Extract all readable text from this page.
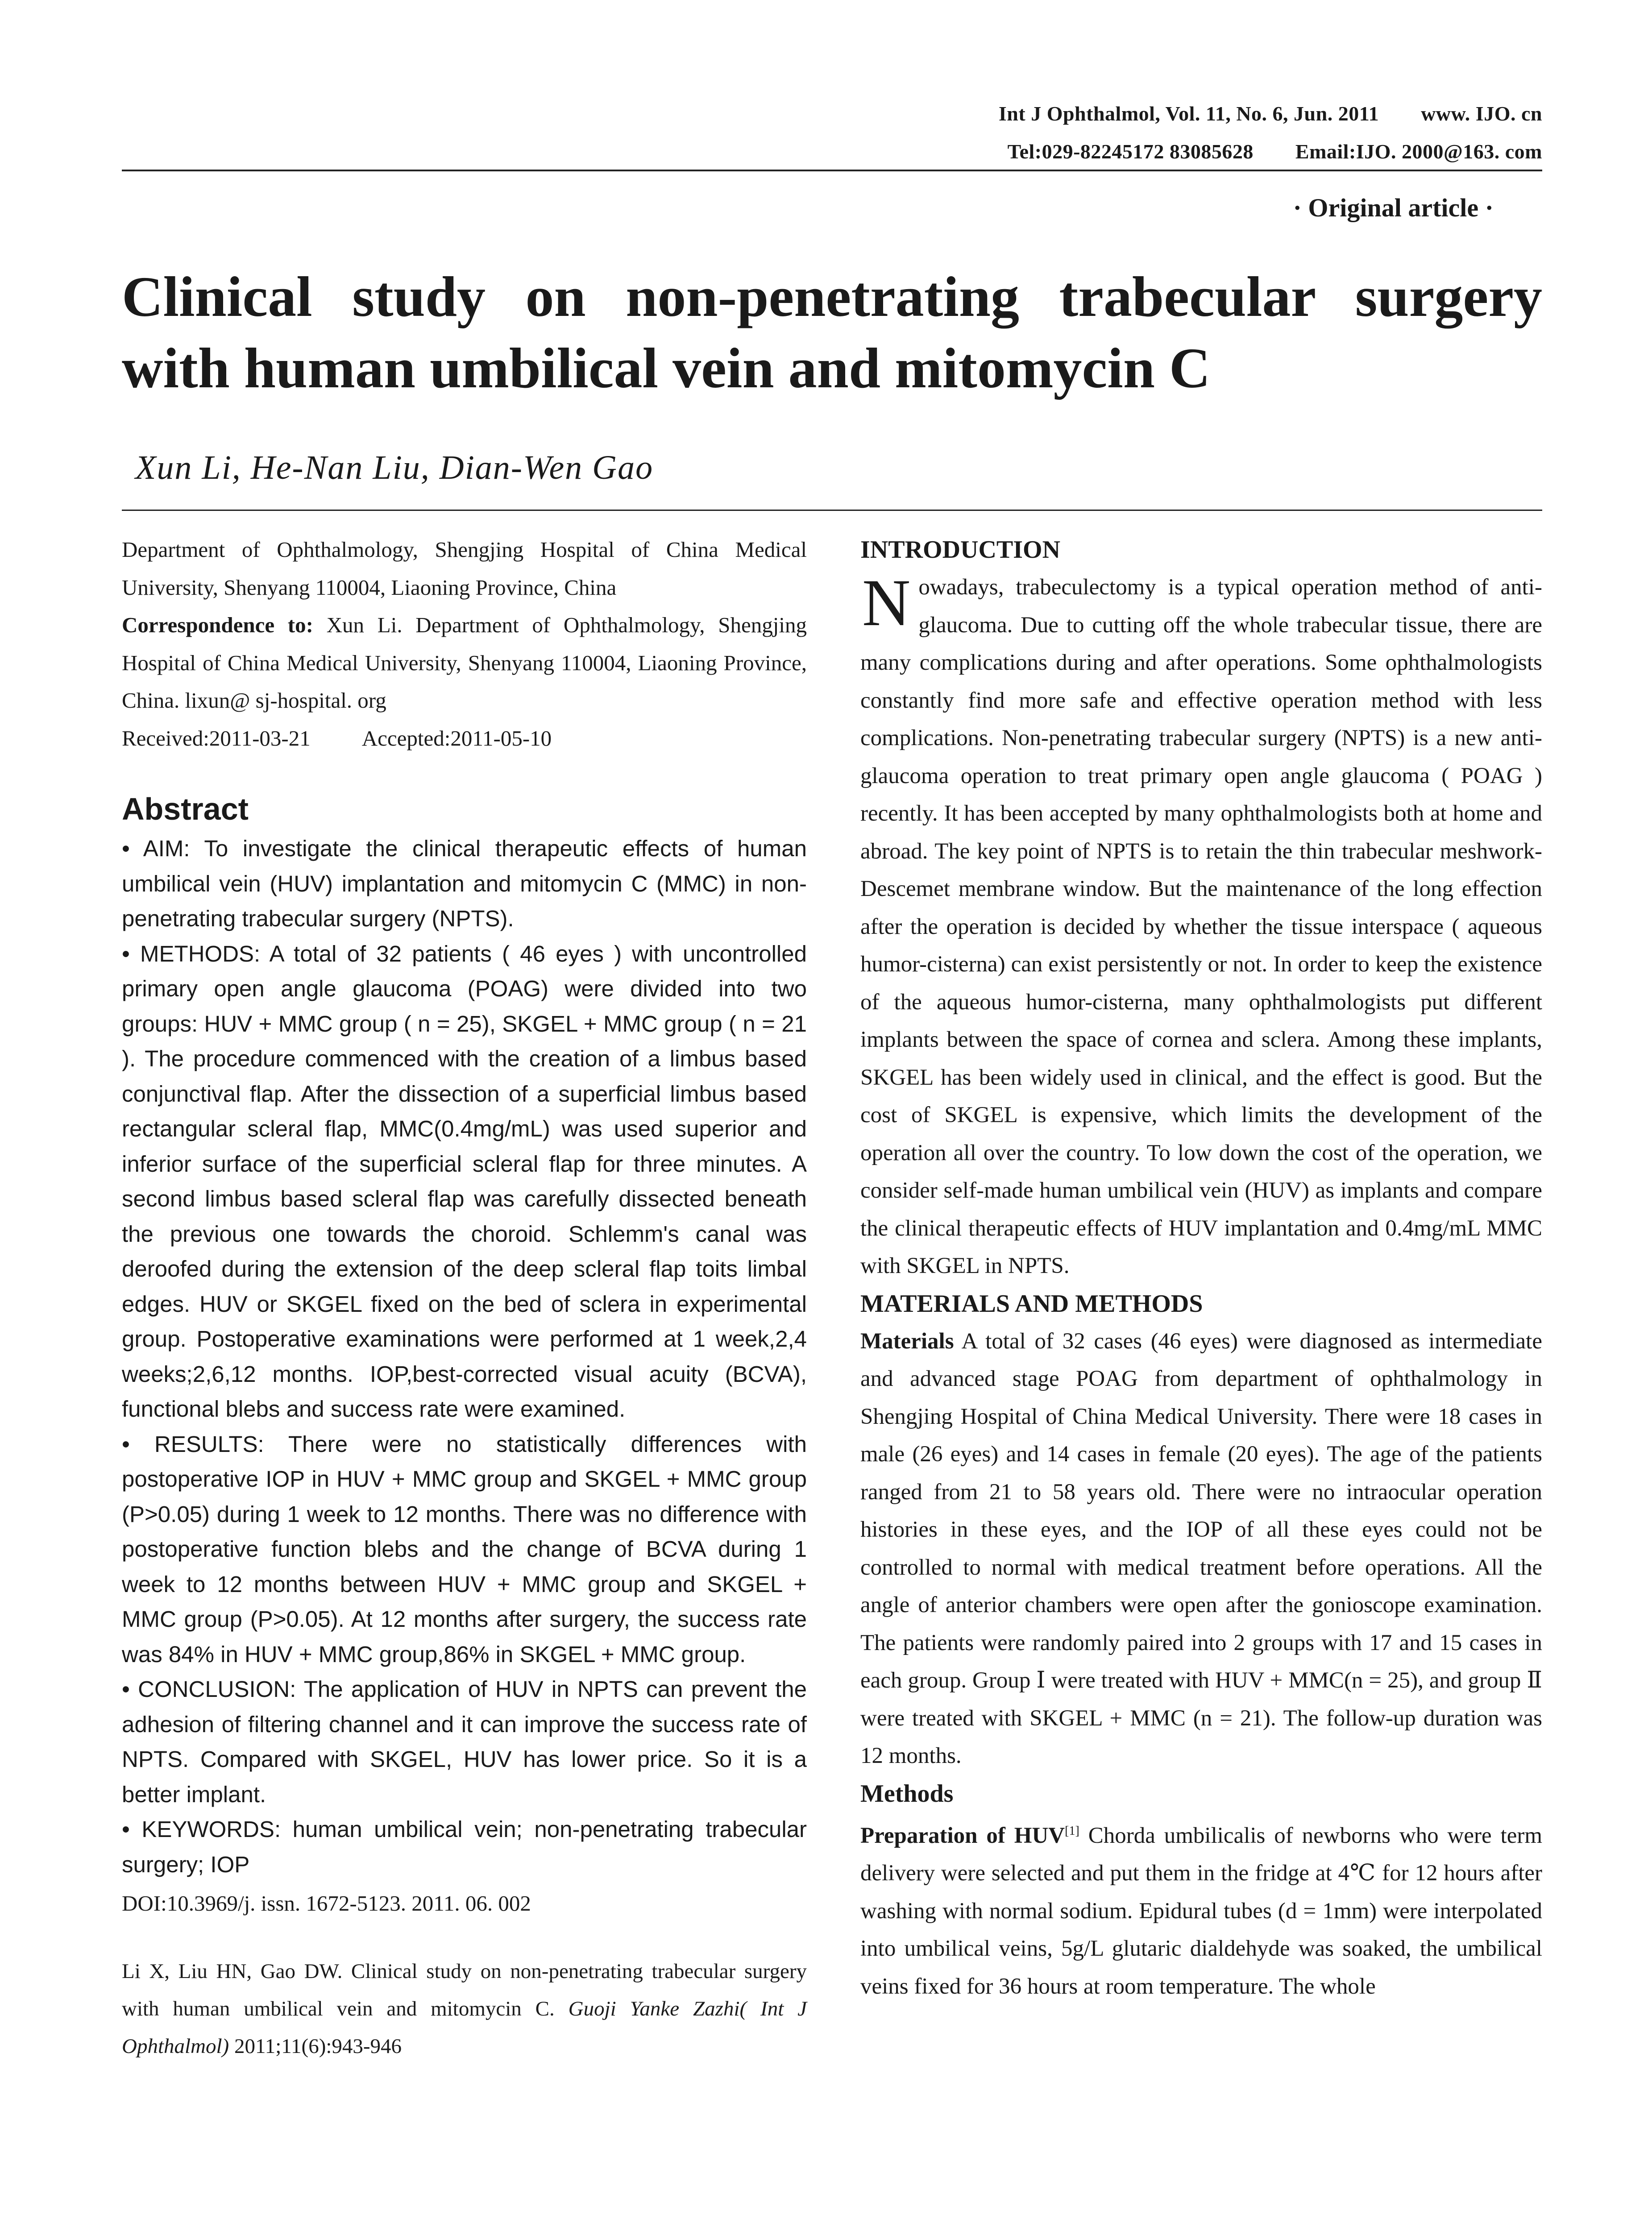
Int J Ophthalmol, Vol. 11, No. 6, Jun. 2011 www. IJO. cn
Tel:029-82245172 83085628 Email:IJO. 2000@163. com
· Original article ·
Clinical study on non-penetrating trabecular surgery
with human umbilical vein and mitomycin C
Xun Li, He-Nan Liu, Dian-Wen Gao

Department of Ophthalmology, Shengjing Hospital of China Medical University, Shenyang 110004, Liaoning Province, China

Correspondence to: Xun Li. Department of Ophthalmology, Shengjing Hospital of China Medical University, Shenyang 110004, Liaoning Province, China. lixun@ sj-hospital. org

Received:2011-03-21 Accepted:2011-05-10

Abstract

• AIM: To investigate the clinical therapeutic effects of human umbilical vein (HUV) implantation and mitomycin C (MMC) in non-penetrating trabecular surgery (NPTS).

• METHODS: A total of 32 patients ( 46 eyes ) with uncontrolled primary open angle glaucoma (POAG) were divided into two groups: HUV + MMC group ( n = 25), SKGEL + MMC group ( n = 21 ). The procedure commenced with the creation of a limbus based conjunctival flap. After the dissection of a superficial limbus based rectangular scleral flap, MMC(0.4mg/mL) was used superior and inferior surface of the superficial scleral flap for three minutes. A second limbus based scleral flap was carefully dissected beneath the previous one towards the choroid. Schlemm's canal was deroofed during the extension of the deep scleral flap toits limbal edges. HUV or SKGEL fixed on the bed of sclera in experimental group. Postoperative examinations were performed at 1 week,2,4 weeks;2,6,12 months. IOP,best-corrected visual acuity (BCVA), functional blebs and success rate were examined.

• RESULTS: There were no statistically differences with postoperative IOP in HUV + MMC group and SKGEL + MMC group (P>0.05) during 1 week to 12 months. There was no difference with postoperative function blebs and the change of BCVA during 1 week to 12 months between HUV + MMC group and SKGEL + MMC group (P>0.05). At 12 months after surgery, the success rate was 84% in HUV + MMC group,86% in SKGEL + MMC group.

• CONCLUSION: The application of HUV in NPTS can prevent the adhesion of filtering channel and it can improve the success rate of NPTS. Compared with SKGEL, HUV has lower price. So it is a better implant.

• KEYWORDS: human umbilical vein; non-penetrating trabecular surgery; IOP

DOI:10.3969/j. issn. 1672-5123. 2011. 06. 002
Li X, Liu HN, Gao DW. Clinical study on non-penetrating trabecular surgery with human umbilical vein and mitomycin C. Guoji Yanke Zazhi( Int J Ophthalmol) 2011;11(6):943-946
INTRODUCTION

Nowadays, trabeculectomy is a typical operation method of anti-glaucoma. Due to cutting off the whole trabecular tissue, there are many complications during and after operations. Some ophthalmologists constantly find more safe and effective operation method with less complications. Non-penetrating trabecular surgery (NPTS) is a new anti-glaucoma operation to treat primary open angle glaucoma ( POAG ) recently. It has been accepted by many ophthalmologists both at home and abroad. The key point of NPTS is to retain the thin trabecular meshwork-Descemet membrane window. But the maintenance of the long effection after the operation is decided by whether the tissue interspace ( aqueous humor-cisterna) can exist persistently or not. In order to keep the existence of the aqueous humor-cisterna, many ophthalmologists put different implants between the space of cornea and sclera. Among these implants, SKGEL has been widely used in clinical, and the effect is good. But the cost of SKGEL is expensive, which limits the development of the operation all over the country. To low down the cost of the operation, we consider self-made human umbilical vein (HUV) as implants and compare the clinical therapeutic effects of HUV implantation and 0.4mg/mL MMC with SKGEL in NPTS.

MATERIALS AND METHODS

Materials A total of 32 cases (46 eyes) were diagnosed as intermediate and advanced stage POAG from department of ophthalmology in Shengjing Hospital of China Medical University. There were 18 cases in male (26 eyes) and 14 cases in female (20 eyes). The age of the patients ranged from 21 to 58 years old. There were no intraocular operation histories in these eyes, and the IOP of all these eyes could not be controlled to normal with medical treatment before operations. All the angle of anterior chambers were open after the gonioscope examination. The patients were randomly paired into 2 groups with 17 and 15 cases in each group. Group Ⅰ were treated with HUV + MMC(n = 25), and group Ⅱ were treated with SKGEL + MMC (n = 21). The follow-up duration was 12 months.

Methods

Preparation of HUV[1] Chorda umbilicalis of newborns who were term delivery were selected and put them in the fridge at 4℃ for 12 hours after washing with normal sodium. Epidural tubes (d = 1mm) were interpolated into umbilical veins, 5g/L glutaric dialdehyde was soaked, the umbilical veins fixed for 36 hours at room temperature. The whole
